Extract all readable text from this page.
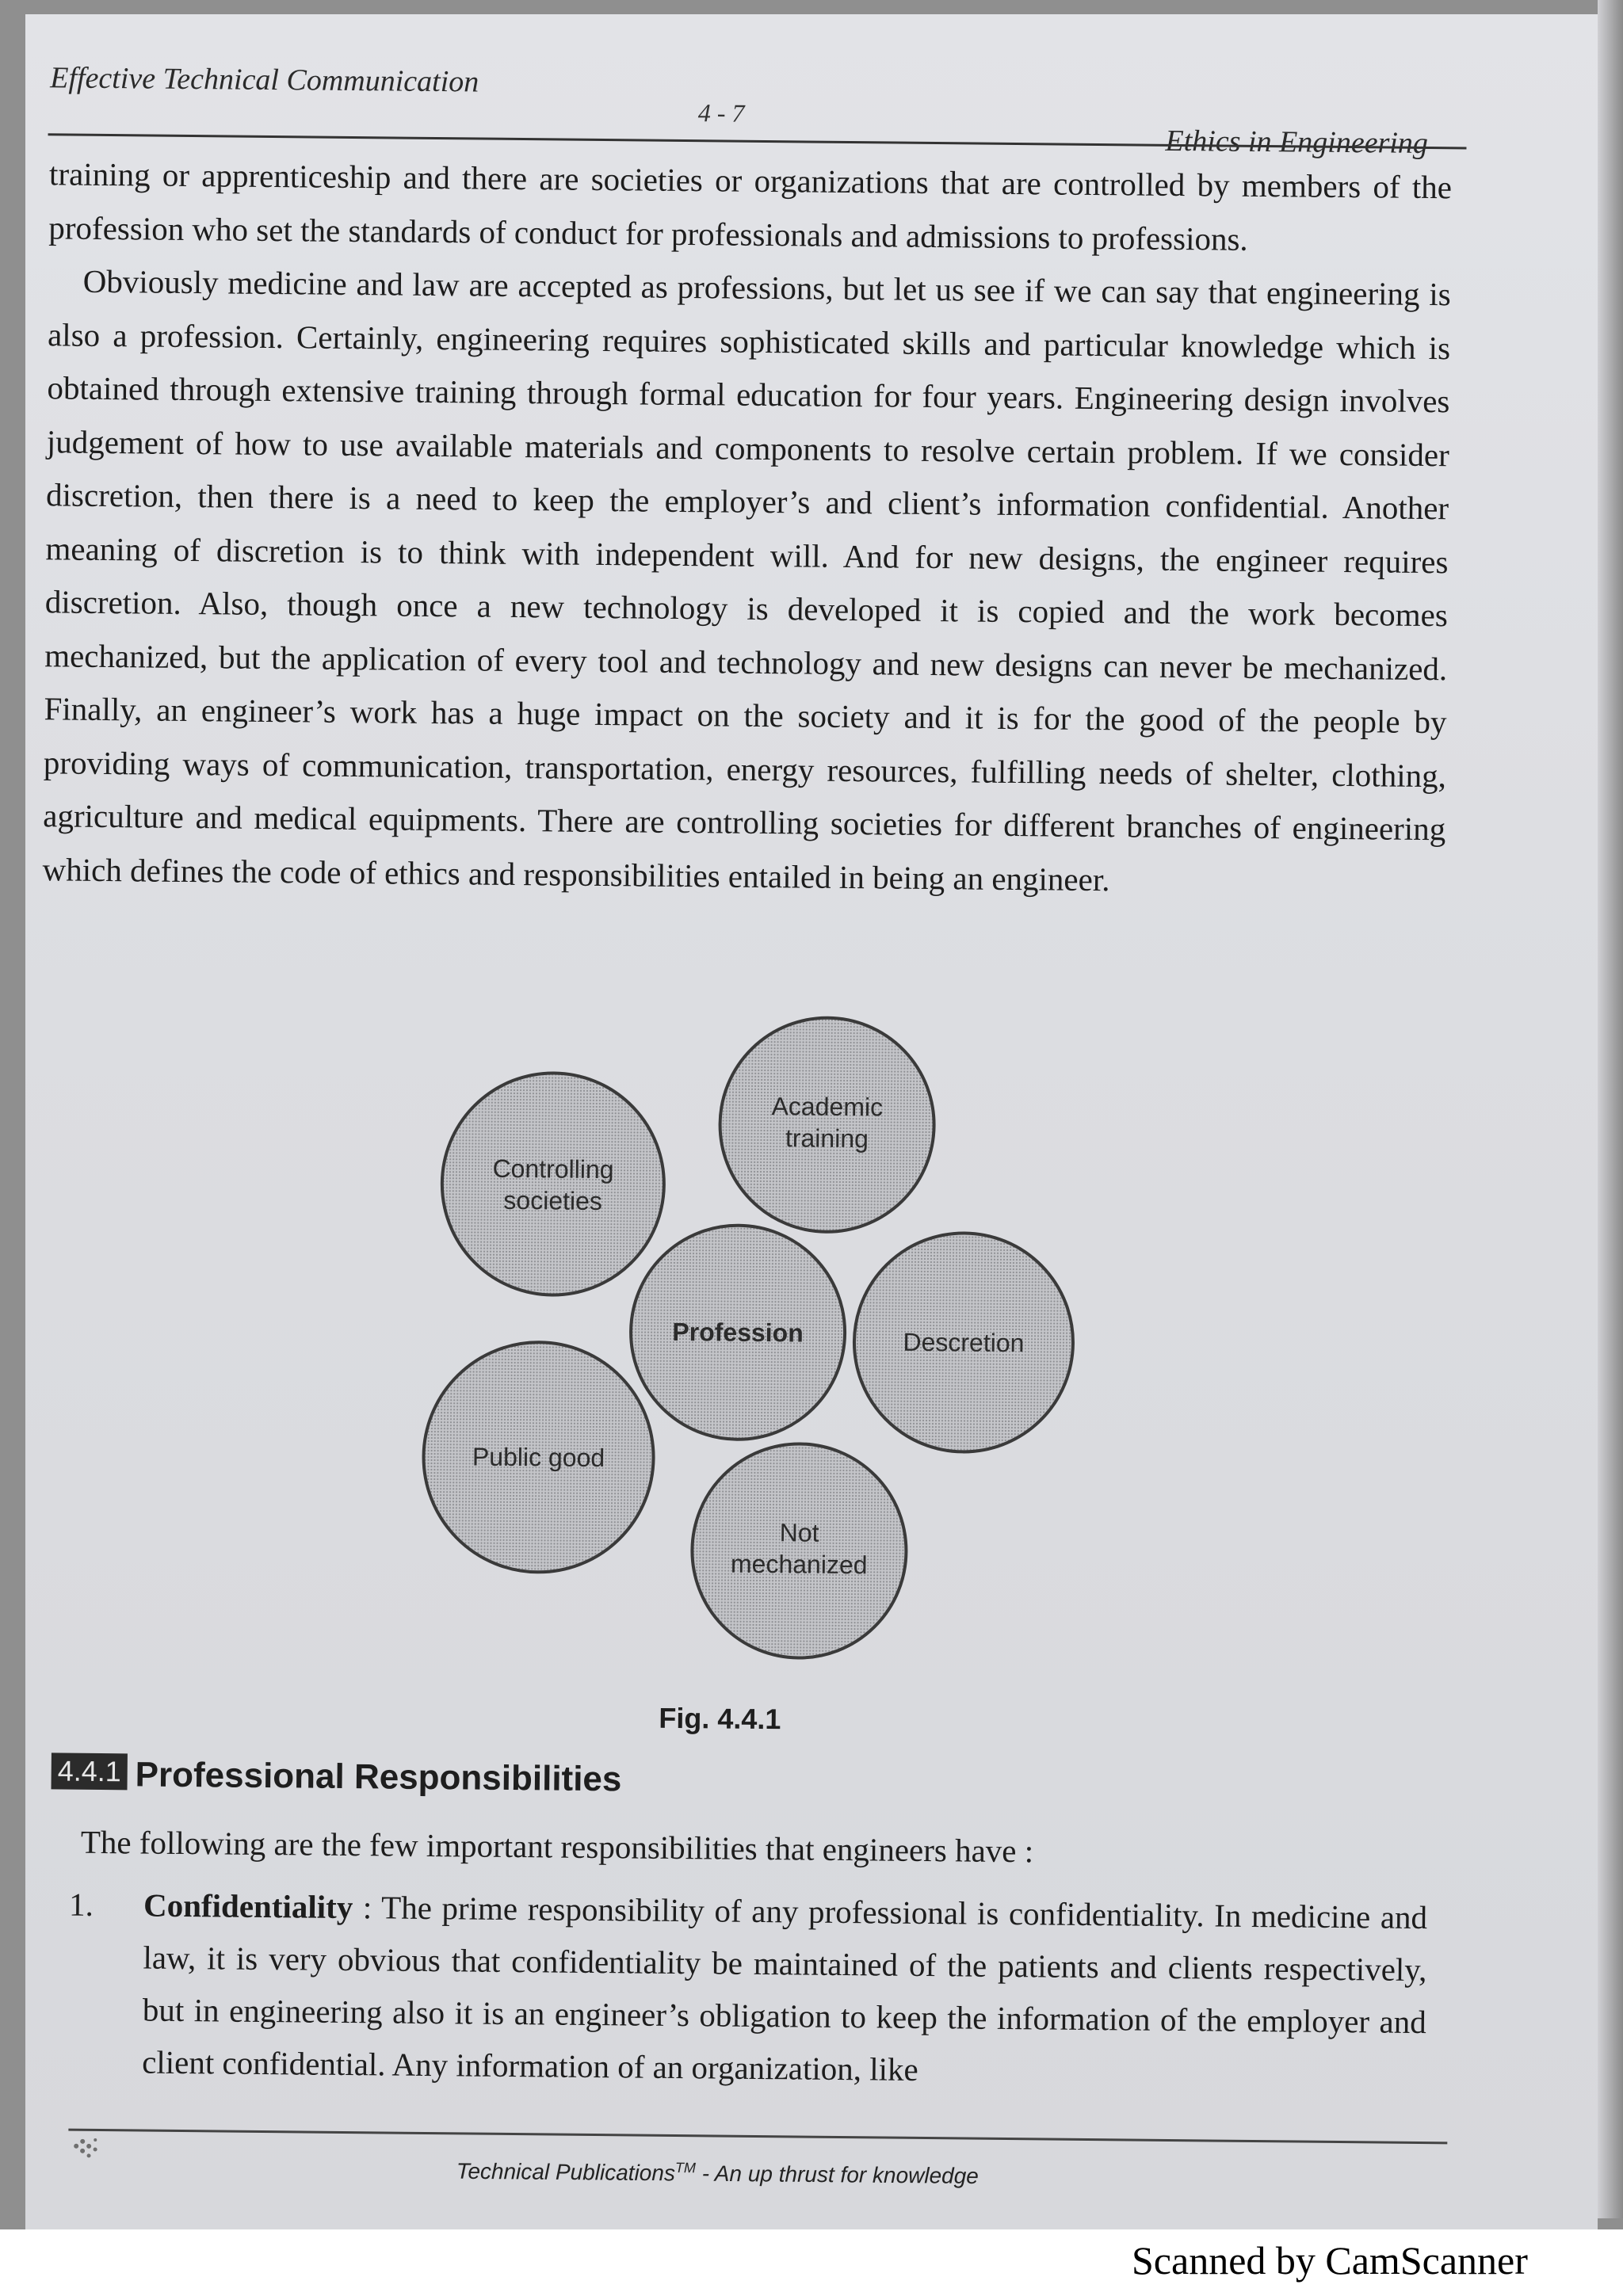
Effective Technical Communication
4 - 7
Ethics in Engineering

training or apprenticeship and there are societies or organizations that are controlled by members of the profession who set the standards of conduct for professionals and admissions to professions.

Obviously medicine and law are accepted as professions, but let us see if we can say that engineering is also a profession. Certainly, engineering requires sophisticated skills and particular knowledge which is obtained through extensive training through formal education for four years. Engineering design involves judgement of how to use available materials and components to resolve certain problem. If we consider discretion, then there is a need to keep the employer’s and client’s information confidential. Another meaning of discretion is to think with independent will. And for new designs, the engineer requires discretion. Also, though once a new technology is developed it is copied and the work becomes mechanized, but the application of every tool and technology and new designs can never be mechanized. Finally, an engineer’s work has a huge impact on the society and it is for the good of the people by providing ways of communication, transportation, energy resources, fulfilling needs of shelter, clothing, agriculture and medical equipments. There are controlling societies for different branches of engineering which defines the code of ethics and responsibilities entailed in being an engineer.

Academic
training
Controlling
societies
Profession	Descretion
Public good
Not
mechanized
Fig. 4.4.1
4.4.1 Professional Responsibilities
The following are the few important responsibilities that engineers have :
1.	Confidentiality : The prime responsibility of any professional is confidentiality. In medicine and law, it is very obvious that confidentiality be maintained of the patients and clients respectively, but in engineering also it is an engineer’s obligation to keep the information of the employer and client confidential. Any information of an organization, like
Technical Publications™ - An up thrust for knowledge
Scanned by CamScanner
